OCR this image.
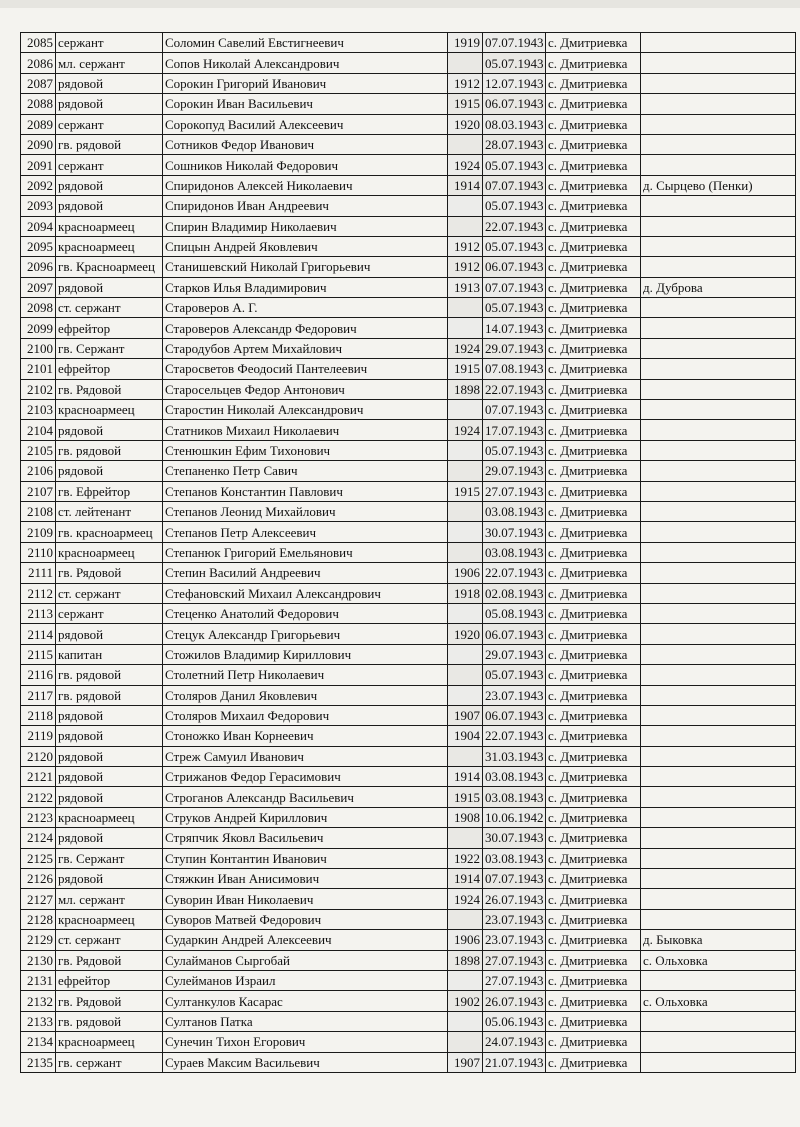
2085	сержант	Соломин Савелий Евстигнеевич	1919	07.07.1943	с. Дмитриевка	
2086	мл. сержант	Сопов Николай Александрович		05.07.1943	с. Дмитриевка	
2087	рядовой	Сорокин Григорий Иванович	1912	12.07.1943	с. Дмитриевка	
2088	рядовой	Сорокин Иван Васильевич	1915	06.07.1943	с. Дмитриевка	
2089	сержант	Сорокопуд Василий Алексеевич	1920	08.03.1943	с. Дмитриевка	
2090	гв. рядовой	Сотников Федор Иванович		28.07.1943	с. Дмитриевка	
2091	сержант	Сошников Николай Федорович	1924	05.07.1943	с. Дмитриевка	
2092	рядовой	Спиридонов Алексей Николаевич	1914	07.07.1943	с. Дмитриевка	д. Сырцево (Пенки)
2093	рядовой	Спиридонов Иван Андреевич		05.07.1943	с. Дмитриевка	
2094	красноармеец	Спирин Владимир Николаевич		22.07.1943	с. Дмитриевка	
2095	красноармеец	Спицын Андрей Яковлевич	1912	05.07.1943	с. Дмитриевка	
2096	гв. Красноармеец	Станишевский Николай Григорьевич	1912	06.07.1943	с. Дмитриевка	
2097	рядовой	Старков Илья Владимирович	1913	07.07.1943	с. Дмитриевка	д. Дуброва
2098	ст. сержант	Староверов А. Г.		05.07.1943	с. Дмитриевка	
2099	ефрейтор	Староверов Александр Федорович		14.07.1943	с. Дмитриевка	
2100	гв. Сержант	Стародубов Артем Михайлович	1924	29.07.1943	с. Дмитриевка	
2101	ефрейтор	Старосветов Феодосий Пантелеевич	1915	07.08.1943	с. Дмитриевка	
2102	гв. Рядовой	Старосельцев Федор Антонович	1898	22.07.1943	с. Дмитриевка	
2103	красноармеец	Старостин Николай Александрович		07.07.1943	с. Дмитриевка	
2104	рядовой	Статников Михаил Николаевич	1924	17.07.1943	с. Дмитриевка	
2105	гв. рядовой	Стенюшкин Ефим Тихонович		05.07.1943	с. Дмитриевка	
2106	рядовой	Степаненко Петр Савич		29.07.1943	с. Дмитриевка	
2107	гв. Ефрейтор	Степанов Константин Павлович	1915	27.07.1943	с. Дмитриевка	
2108	ст. лейтенант	Степанов Леонид Михайлович		03.08.1943	с. Дмитриевка	
2109	гв. красноармеец	Степанов Петр Алексеевич		30.07.1943	с. Дмитриевка	
2110	красноармеец	Степанюк Григорий Емельянович		03.08.1943	с. Дмитриевка	
2111	гв. Рядовой	Степин Василий Андреевич	1906	22.07.1943	с. Дмитриевка	
2112	ст. сержант	Стефановский Михаил Александрович	1918	02.08.1943	с. Дмитриевка	
2113	сержант	Стеценко Анатолий Федорович		05.08.1943	с. Дмитриевка	
2114	рядовой	Стецук Александр Григорьевич	1920	06.07.1943	с. Дмитриевка	
2115	капитан	Стожилов Владимир Кириллович		29.07.1943	с. Дмитриевка	
2116	гв. рядовой	Столетний Петр Николаевич		05.07.1943	с. Дмитриевка	
2117	гв. рядовой	Столяров Данил Яковлевич		23.07.1943	с. Дмитриевка	
2118	рядовой	Столяров Михаил Федорович	1907	06.07.1943	с. Дмитриевка	
2119	рядовой	Стоножко Иван Корнеевич	1904	22.07.1943	с. Дмитриевка	
2120	рядовой	Стреж Самуил Иванович		31.03.1943	с. Дмитриевка	
2121	рядовой	Стрижанов Федор Герасимович	1914	03.08.1943	с. Дмитриевка	
2122	рядовой	Строганов Александр Васильевич	1915	03.08.1943	с. Дмитриевка	
2123	красноармеец	Струков Андрей Кириллович	1908	10.06.1942	с. Дмитриевка	
2124	рядовой	Стряпчик Яковл Васильевич		30.07.1943	с. Дмитриевка	
2125	гв. Сержант	Ступин Контантин Иванович	1922	03.08.1943	с. Дмитриевка	
2126	рядовой	Стяжкин Иван Анисимович	1914	07.07.1943	с. Дмитриевка	
2127	мл. сержант	Суворин Иван Николаевич	1924	26.07.1943	с. Дмитриевка	
2128	красноармеец	Суворов Матвей Федорович		23.07.1943	с. Дмитриевка	
2129	ст. сержант	Сударкин Андрей Алексеевич	1906	23.07.1943	с. Дмитриевка	д. Быковка
2130	гв. Рядовой	Сулайманов Сыргобай	1898	27.07.1943	с. Дмитриевка	с. Ольховка
2131	ефрейтор	Сулейманов Израил		27.07.1943	с. Дмитриевка	
2132	гв. Рядовой	Султанкулов Касарас	1902	26.07.1943	с. Дмитриевка	с. Ольховка
2133	гв. рядовой	Султанов Патка		05.06.1943	с. Дмитриевка	
2134	красноармеец	Сунечин Тихон Егорович		24.07.1943	с. Дмитриевка	
2135	гв. сержант	Сураев Максим Васильевич	1907	21.07.1943	с. Дмитриевка	
